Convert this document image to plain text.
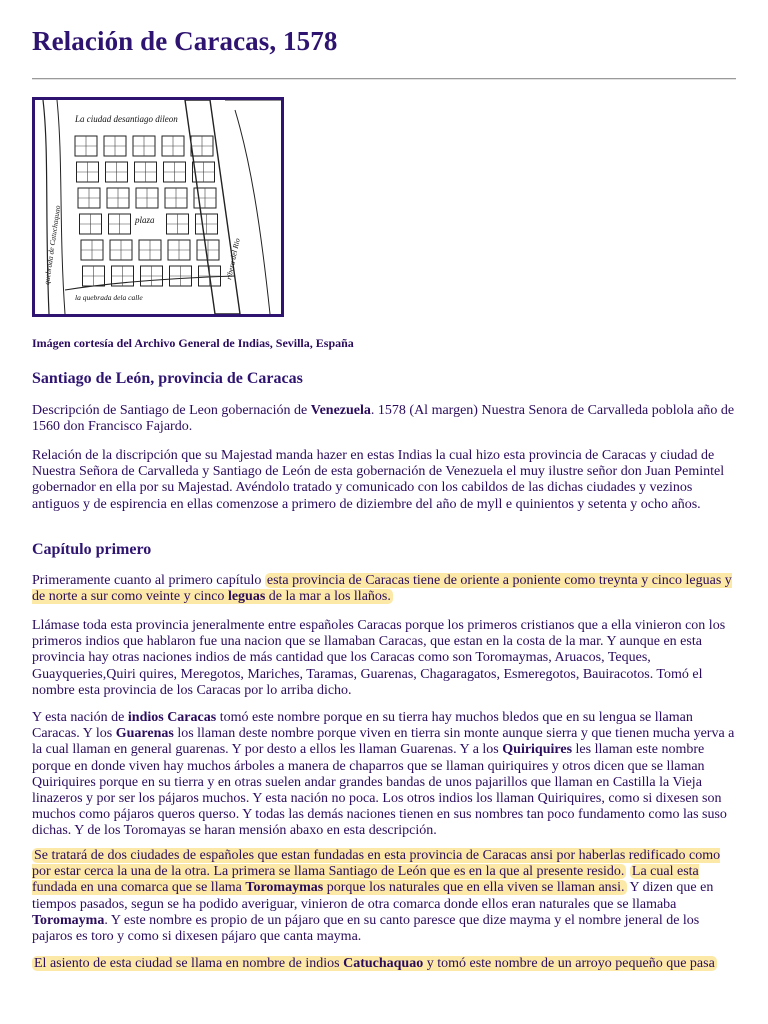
Relación de Caracas, 1578
La ciudad desantiago dileon
plaza
la quebrada dela calle
quebrada de Catuchaquao	ribera del Rio

Imágen cortesía del Archivo General de Indias, Sevilla, España

Santiago de León, provincia de Caracas

Descripción de Santiago de Leon gobernación de Venezuela. 1578 (Al margen) Nuestra Senora de Carvalleda poblola año de 1560 don Francisco Fajardo.

Relación de la discripción que su Majestad manda hazer en estas Indias la cual hizo esta provincia de Caracas y ciudad de Nuestra Señora de Carvalleda y Santiago de León de esta gobernación de Venezuela el muy ilustre señor don Juan Pemintel gobernador en ella por su Majestad. Avéndolo tratado y comunicado con los cabildos de las dichas ciudades y vezinos antiguos y de espirencia en ellas comenzose a primero de diziembre del año de myll e quinientos y setenta y ocho años.

Capítulo primero

Primeramente cuanto al primero capítulo esta provincia de Caracas tiene de oriente a poniente como treynta y cinco leguas y de norte a sur como veinte y cinco leguas de la mar a los llaños.

Llámase toda esta provincia jeneralmente entre españoles Caracas porque los primeros cristianos que a ella vinieron con los primeros indios que hablaron fue una nacion que se llamaban Caracas, que estan en la costa de la mar. Y aunque en esta provincia hay otras naciones indios de más cantidad que los Caracas como son Toromaymas, Aruacos, Teques, Guayqueries,Quiri quires, Meregotos, Mariches, Taramas, Guarenas, Chagaragatos, Esmeregotos, Bauiracotos. Tomó el nombre esta provincia de los Caracas por lo arriba dicho.

Y esta nación de indios Caracas tomó este nombre porque en su tierra hay muchos bledos que en su lengua se llaman Caracas. Y los Guarenas los llaman deste nombre porque viven en tierra sin monte aunque sierra y que tienen mucha yerva a la cual llaman en general guarenas. Y por desto a ellos les llaman Guarenas. Y a los Quiriquires les llaman este nombre porque en donde viven hay muchos árboles a manera de chaparros que se llaman quiriquires y otros dicen que se llaman Quiriquires porque en su tierra y en otras suelen andar grandes bandas de unos pajarillos que llaman en Castilla la Vieja linazeros y por ser los pájaros muchos. Y esta nación no poca. Los otros indios los llaman Quiriquires, como si dixesen son muchos como pájaros queros querso. Y todas las demás naciones tienen en sus nombres tan poco fundamento como las suso dichas. Y de los Toromayas se haran mensión abaxo en esta descripción.

Se tratará de dos ciudades de españoles que estan fundadas en esta provincia de Caracas ansi por haberlas redificado como por estar cerca la una de la otra. La primera se llama Santiago de León que es en la que al presente resido. La cual esta fundada en una comarca que se llama Toromaymas porque los naturales que en ella viven se llaman ansi. Y dizen que en tiempos pasados, segun se ha podido averiguar, vinieron de otra comarca donde ellos eran naturales que se llamaba Toromayma. Y este nombre es propio de un pájaro que en su canto paresce que dize mayma y el nombre jeneral de los pajaros es toro y como si dixesen pájaro que canta mayma.

El asiento de esta ciudad se llama en nombre de indios Catuchaquao y tomó este nombre de un arroyo pequeño que pasa
